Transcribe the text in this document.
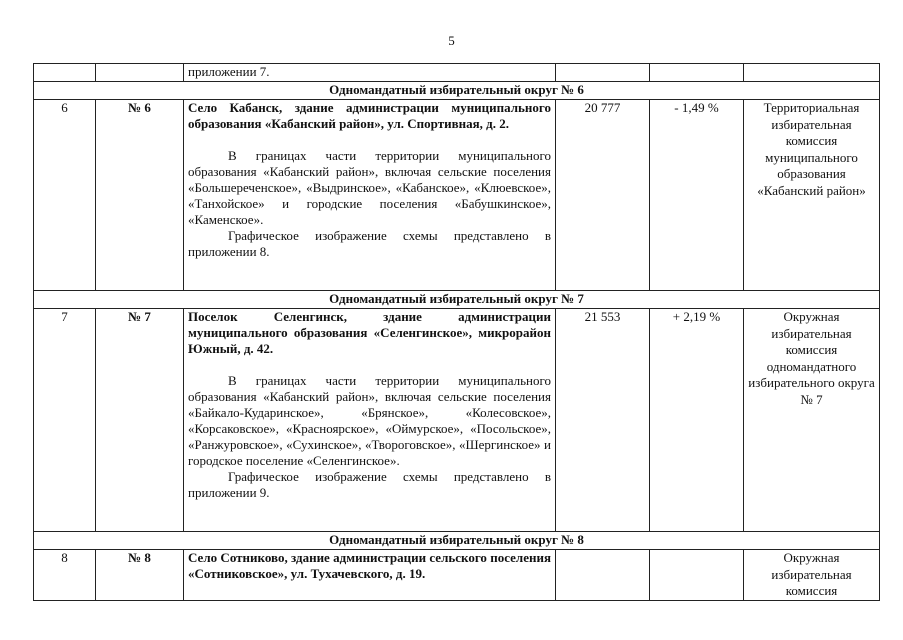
5
		приложении 7.			
Одномандатный избирательный округ № 6					
6	№ 6	Село Кабанск, здание администрации муниципального образования «Кабанский район», ул. Спортивная, д. 2.

В границах части территории муниципального образования «Кабанский район», включая сельские поселения «Большереченское», «Выдринское», «Кабанское», «Клюевское», «Танхойское» и городские поселения «Бабушкинское», «Каменское».

Графическое изображение схемы представлено в приложении 8.	20 777	- 1,49 %	Территориальная избирательная комиссия муниципального образования «Кабанский район»
Одномандатный избирательный округ № 7					
7	№ 7	Поселок Селенгинск, здание администрации муниципального образования «Селенгинское», микрорайон Южный, д. 42.

В границах части территории муниципального образования «Кабанский район», включая сельские поселения «Байкало-Кударинское», «Брянское», «Колесовское», «Корсаковское», «Красноярское», «Оймурское», «Посольское», «Ранжуровское», «Сухинское», «Твороговское», «Шергинское» и городское поселение «Селенгинское».

Графическое изображение схемы представлено в приложении 9.	21 553	+ 2,19 %	Окружная избирательная комиссия одномандатного избирательного округа № 7
Одномандатный избирательный округ № 8					
8	№ 8	Село Сотниково, здание администрации сельского поселения «Сотниковское», ул. Тухачевского, д. 19.			Окружная избирательная комиссия
